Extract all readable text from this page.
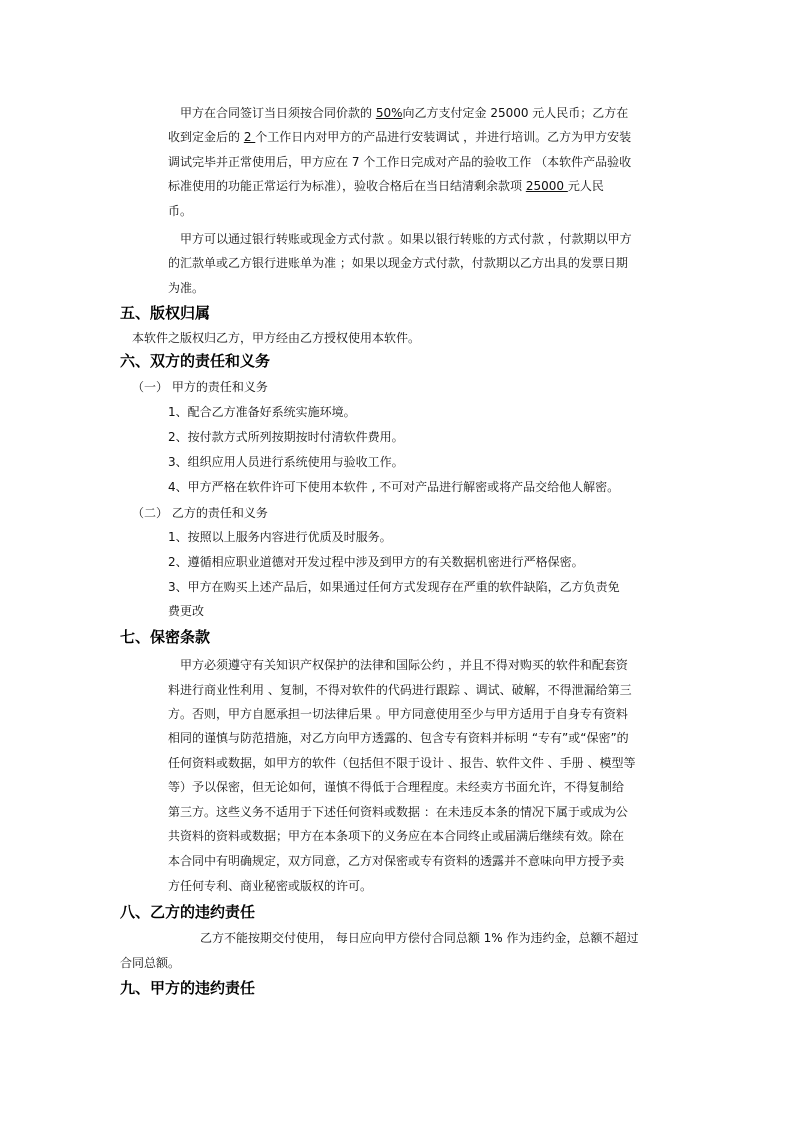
甲方在合同签订当日须按合同价款的 50%向乙方支付定金 25000 元人民币；乙方在

收到定金后的 2 个工作日内对甲方的产品进行安装调试 ，并进行培训。乙方为甲方安装

调试完毕并正常使用后，甲方应在 7 个工作日完成对产品的验收工作 （本软件产品验收

标准使用的功能正常运行为标准），验收合格后在当日结清剩余款项 25000 元人民

币。

甲方可以通过银行转账或现金方式付款 。如果以银行转账的方式付款 ，付款期以甲方

的汇款单或乙方银行进账单为准 ；如果以现金方式付款，付款期以乙方出具的发票日期

为准。

五、版权归属

本软件之版权归乙方，甲方经由乙方授权使用本软件。

六、双方的责任和义务

（一） 甲方的责任和义务

1、配合乙方准备好系统实施环境。

2、按付款方式所列按期按时付清软件费用。

3、组织应用人员进行系统使用与验收工作。

4、甲方严格在软件许可下使用本软件 , 不可对产品进行解密或将产品交给他人解密。

（二） 乙方的责任和义务

1、按照以上服务内容进行优质及时服务。

2、遵循相应职业道德对开发过程中涉及到甲方的有关数据机密进行严格保密。

3、甲方在购买上述产品后，如果通过任何方式发现存在严重的软件缺陷，乙方负责免

费更改

七、保密条款

甲方必须遵守有关知识产权保护的法律和国际公约 ，并且不得对购买的软件和配套资

料进行商业性利用 、复制，不得对软件的代码进行跟踪 、调试、破解，不得泄漏给第三

方。否则，甲方自愿承担一切法律后果 。甲方同意使用至少与甲方适用于自身专有资料

相同的谨慎与防范措施，对乙方向甲方透露的、包含专有资料并标明 “专有”或“保密”的

任何资料或数据，如甲方的软件（包括但不限于设计 、报告、软件文件 、手册 、模型等

等）予以保密，但无论如何，谨慎不得低于合理程度。未经卖方书面允许，不得复制给

第三方。这些义务不适用于下述任何资料或数据 ：在未违反本条的情况下属于或成为公

共资料的资料或数据；甲方在本条项下的义务应在本合同终止或届满后继续有效。除在

本合同中有明确规定，双方同意，乙方对保密或专有资料的透露并不意味向甲方授予卖

方任何专利、商业秘密或版权的许可。

八、乙方的违约责任

乙方不能按期交付使用， 每日应向甲方偿付合同总额 1% 作为违约金，总额不超过

合同总额。

九、甲方的违约责任
